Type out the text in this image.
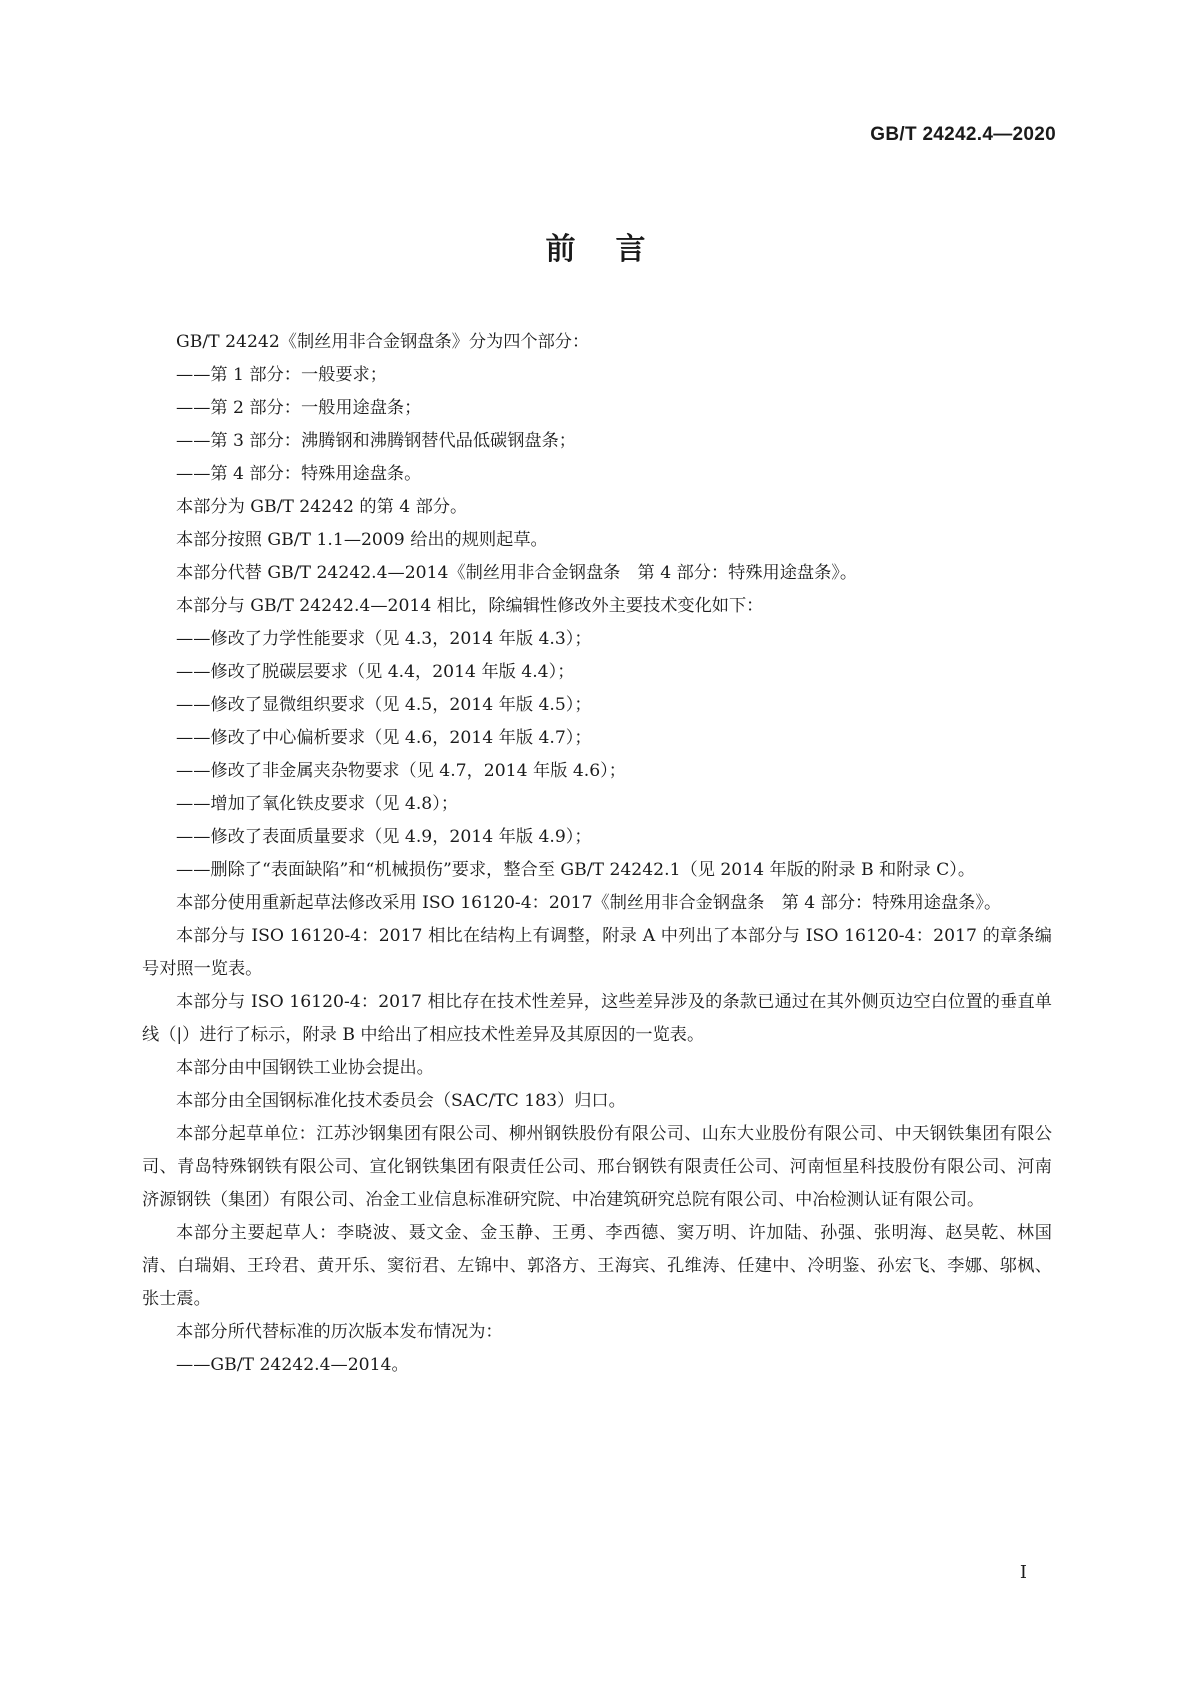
GB/T 24242.4—2020
前言
GB/T 24242《制丝用非合金钢盘条》分为四个部分：
——第 1 部分：一般要求；
——第 2 部分：一般用途盘条；
——第 3 部分：沸腾钢和沸腾钢替代品低碳钢盘条；
——第 4 部分：特殊用途盘条。
本部分为 GB/T 24242 的第 4 部分。
本部分按照 GB/T 1.1—2009 给出的规则起草。
本部分代替 GB/T 24242.4—2014《制丝用非合金钢盘条　第 4 部分：特殊用途盘条》。
本部分与 GB/T 24242.4—2014 相比，除编辑性修改外主要技术变化如下：
——修改了力学性能要求（见 4.3，2014 年版 4.3）；
——修改了脱碳层要求（见 4.4，2014 年版 4.4）；
——修改了显微组织要求（见 4.5，2014 年版 4.5）；
——修改了中心偏析要求（见 4.6，2014 年版 4.7）；
——修改了非金属夹杂物要求（见 4.7，2014 年版 4.6）；
——增加了氧化铁皮要求（见 4.8）；
——修改了表面质量要求（见 4.9，2014 年版 4.9）；
——删除了“表面缺陷”和“机械损伤”要求，整合至 GB/T 24242.1（见 2014 年版的附录 B 和附录 C）。
本部分使用重新起草法修改采用 ISO 16120-4：2017《制丝用非合金钢盘条　第 4 部分：特殊用途盘条》。
本部分与 ISO 16120-4：2017 相比在结构上有调整，附录 A 中列出了本部分与 ISO 16120-4：2017 的章条编号对照一览表。
本部分与 ISO 16120-4：2017 相比存在技术性差异，这些差异涉及的条款已通过在其外侧页边空白位置的垂直单线（|）进行了标示，附录 B 中给出了相应技术性差异及其原因的一览表。
本部分由中国钢铁工业协会提出。
本部分由全国钢标准化技术委员会（SAC/TC 183）归口。
本部分起草单位：江苏沙钢集团有限公司、柳州钢铁股份有限公司、山东大业股份有限公司、中天钢铁集团有限公司、青岛特殊钢铁有限公司、宣化钢铁集团有限责任公司、邢台钢铁有限责任公司、河南恒星科技股份有限公司、河南济源钢铁（集团）有限公司、冶金工业信息标准研究院、中冶建筑研究总院有限公司、中冶检测认证有限公司。
本部分主要起草人：李晓波、聂文金、金玉静、王勇、李西德、窦万明、许加陆、孙强、张明海、赵昊乾、林国清、白瑞娟、王玲君、黄开乐、窦衍君、左锦中、郭洛方、王海宾、孔维涛、任建中、冷明鉴、孙宏飞、李娜、邬枫、张士震。
本部分所代替标准的历次版本发布情况为：
——GB/T 24242.4—2014。
I
